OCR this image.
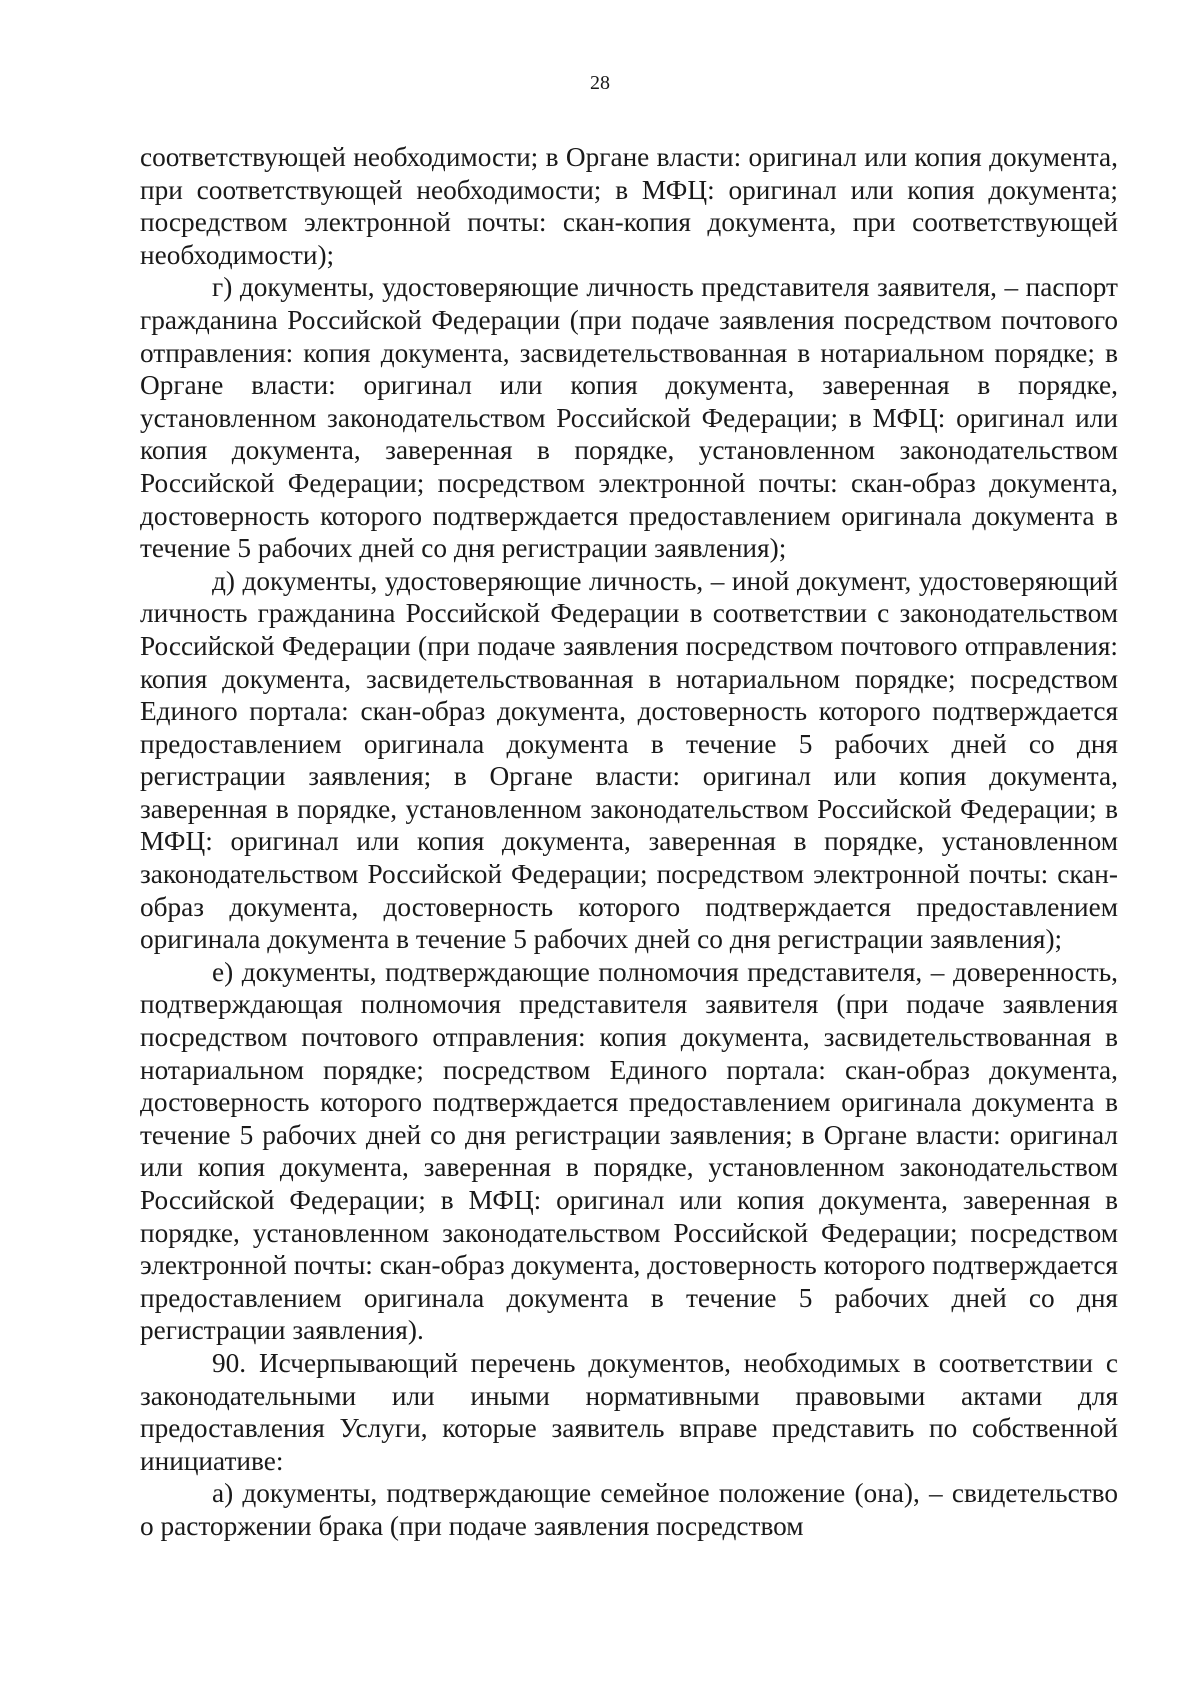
28

соответствующей необходимости; в Органе власти: оригинал или копия документа, при соответствующей необходимости; в МФЦ: оригинал или копия документа; посредством электронной почты: скан-копия документа, при соответствующей необходимости);

г) документы, удостоверяющие личность представителя заявителя, – паспорт гражданина Российской Федерации (при подаче заявления посредством почтового отправления: копия документа, засвидетельствованная в нотариальном порядке; в Органе власти: оригинал или копия документа, заверенная в порядке, установленном законодательством Российской Федерации; в МФЦ: оригинал или копия документа, заверенная в порядке, установленном законодательством Российской Федерации; посредством электронной почты: скан-образ документа, достоверность которого подтверждается предоставлением оригинала документа в течение 5 рабочих дней со дня регистрации заявления);

д) документы, удостоверяющие личность, – иной документ, удостоверяющий личность гражданина Российской Федерации в соответствии с законодательством Российской Федерации (при подаче заявления посредством почтового отправления: копия документа, засвидетельствованная в нотариальном порядке; посредством Единого портала: скан-образ документа, достоверность которого подтверждается предоставлением оригинала документа в течение 5 рабочих дней со дня регистрации заявления; в Органе власти: оригинал или копия документа, заверенная в порядке, установленном законодательством Российской Федерации; в МФЦ: оригинал или копия документа, заверенная в порядке, установленном законодательством Российской Федерации; посредством электронной почты: скан-образ документа, достоверность которого подтверждается предоставлением оригинала документа в течение 5 рабочих дней со дня регистрации заявления);

е) документы, подтверждающие полномочия представителя, – доверенность, подтверждающая полномочия представителя заявителя (при подаче заявления посредством почтового отправления: копия документа, засвидетельствованная в нотариальном порядке; посредством Единого портала: скан-образ документа, достоверность которого подтверждается предоставлением оригинала документа в течение 5 рабочих дней со дня регистрации заявления; в Органе власти: оригинал или копия документа, заверенная в порядке, установленном законодательством Российской Федерации; в МФЦ: оригинал или копия документа, заверенная в порядке, установленном законодательством Российской Федерации; посредством электронной почты: скан-образ документа, достоверность которого подтверждается предоставлением оригинала документа в течение 5 рабочих дней со дня регистрации заявления).

90. Исчерпывающий перечень документов, необходимых в соответствии с законодательными или иными нормативными правовыми актами для предоставления Услуги, которые заявитель вправе представить по собственной инициативе:

а) документы, подтверждающие семейное положение (она), – свидетельство о расторжении брака (при подаче заявления посредством
